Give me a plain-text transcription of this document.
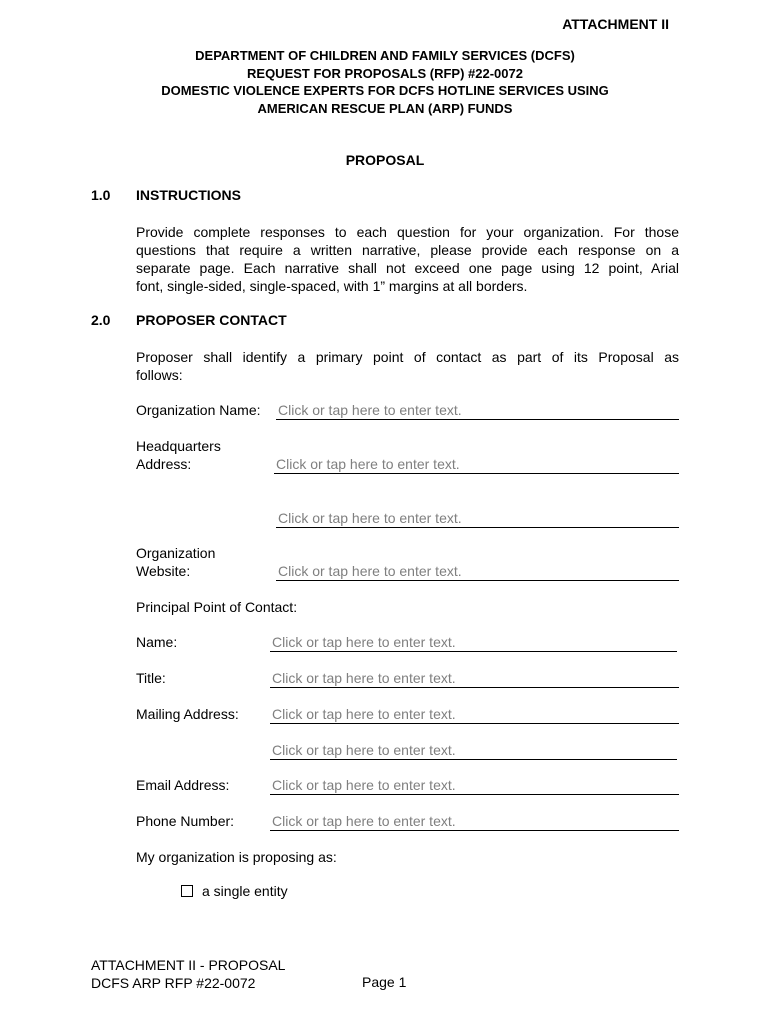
ATTACHMENT II
DEPARTMENT OF CHILDREN AND FAMILY SERVICES (DCFS)
REQUEST FOR PROPOSALS (RFP) #22-0072
DOMESTIC VIOLENCE EXPERTS FOR DCFS HOTLINE SERVICES USING
AMERICAN RESCUE PLAN (ARP) FUNDS
PROPOSAL
1.0 INSTRUCTIONS
Provide complete responses to each question for your organization. For those
questions that require a written narrative, please provide each response on a
separate page. Each narrative shall not exceed one page using 12 point, Arial
font, single-sided, single-spaced, with 1” margins at all borders.
2.0 PROPOSER CONTACT
Proposer shall identify a primary point of contact as part of its Proposal as
follows:
Organization Name: Click or tap here to enter text.
Headquarters
Address:	Click or tap here to enter text.
Click or tap here to enter text.
Organization
Website:	Click or tap here to enter text.
Principal Point of Contact:
Name:	Click or tap here to enter text.
Title:	Click or tap here to enter text.
Mailing Address: Click or tap here to enter text.
Click or tap here to enter text.
Email Address:	Click or tap here to enter text.
Phone Number:	Click or tap here to enter text.
My organization is proposing as:
a single entity
ATTACHMENT II - PROPOSAL
DCFS ARP RFP #22-0072	Page 1
